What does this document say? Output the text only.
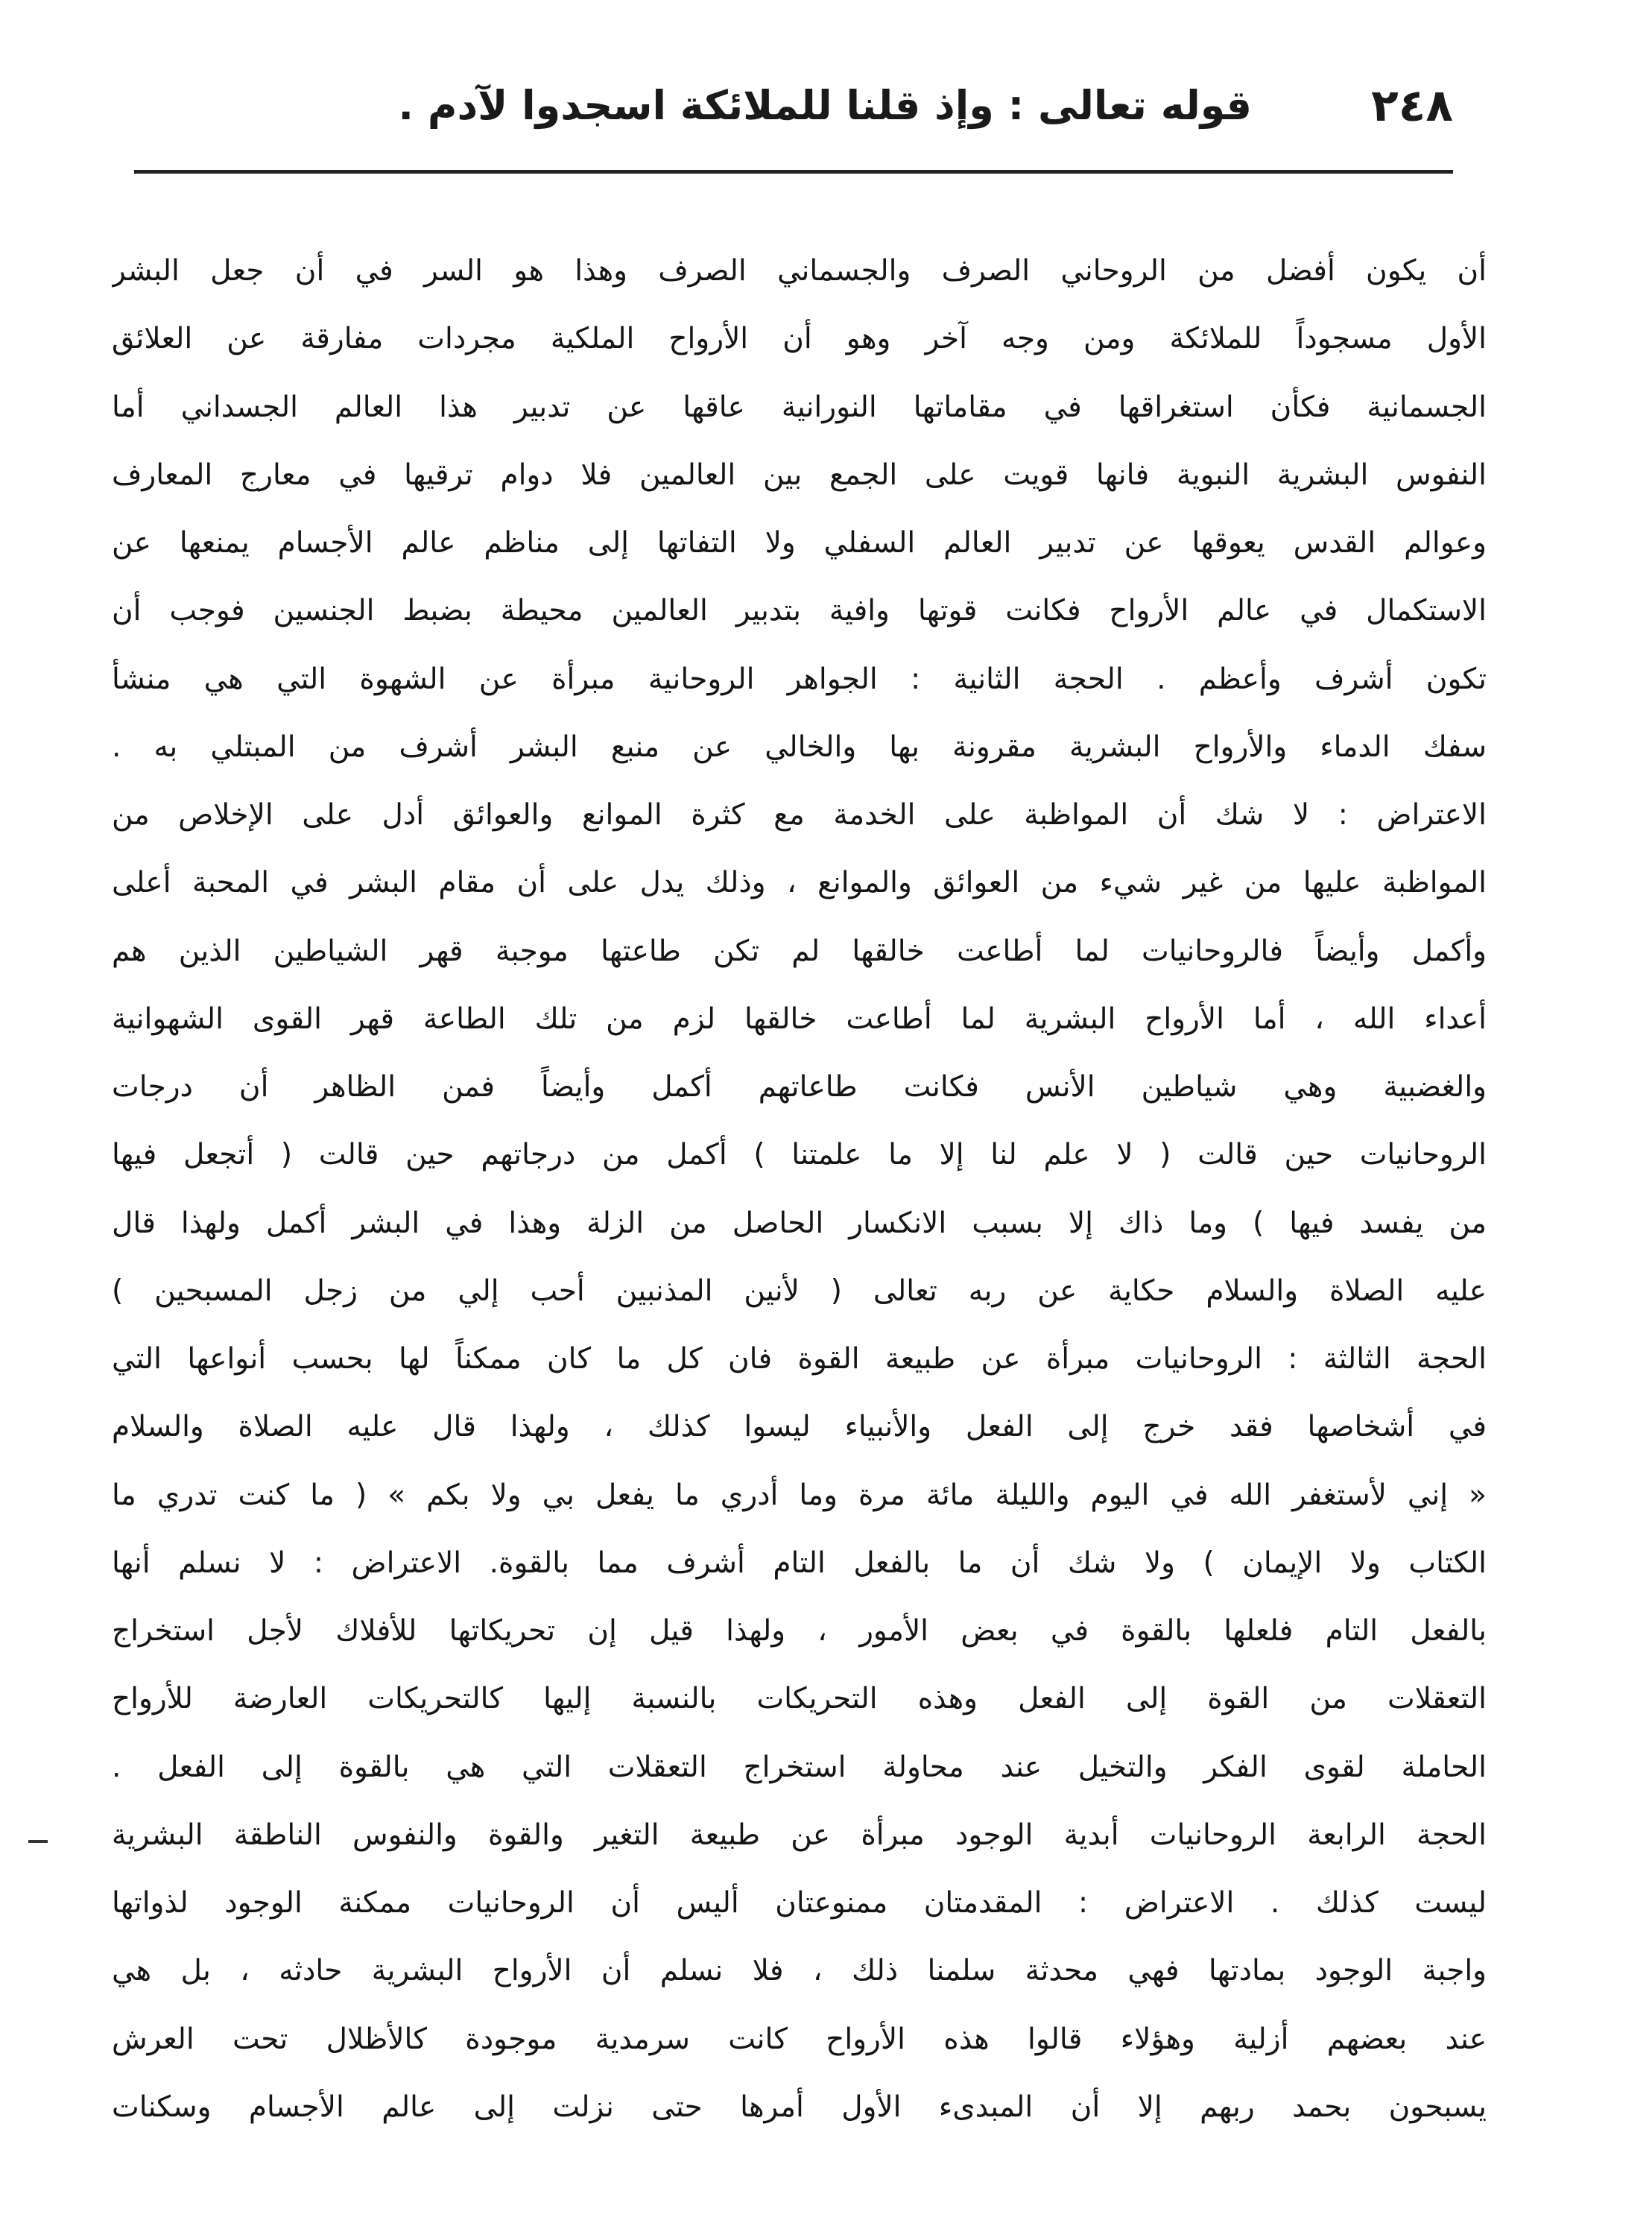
٢٤٨
قوله تعالى : وإذ قلنا للملائكة اسجدوا لآدم .
أن يكون أفضل من الروحاني الصرف والجسماني الصرف وهذا هو السر في أن جعل البشر
الأول مسجوداً للملائكة ومن وجه آخر وهو أن الأرواح الملكية مجردات مفارقة عن العلائق
الجسمانية فكأن استغراقها في مقاماتها النورانية عاقها عن تدبير هذا العالم الجسداني أما
النفوس البشرية النبوية فانها قويت على الجمع بين العالمين فلا دوام ترقيها في معارج المعارف
وعوالم القدس يعوقها عن تدبير العالم السفلي ولا التفاتها إلى مناظم عالم الأجسام يمنعها عن
الاستكمال في عالم الأرواح فكانت قوتها وافية بتدبير العالمين محيطة بضبط الجنسين فوجب أن
تكون أشرف وأعظم . الحجة الثانية : الجواهر الروحانية مبرأة عن الشهوة التي هي منشأ
سفك الدماء والأرواح البشرية مقرونة بها والخالي عن منبع البشر أشرف من المبتلي به .
الاعتراض : لا شك أن المواظبة على الخدمة مع كثرة الموانع والعوائق أدل على الإخلاص من
المواظبة عليها من غير شيء من العوائق والموانع ، وذلك يدل على أن مقام البشر في المحبة أعلى
وأكمل وأيضاً فالروحانيات لما أطاعت خالقها لم تكن طاعتها موجبة قهر الشياطين الذين هم
أعداء الله ، أما الأرواح البشرية لما أطاعت خالقها لزم من تلك الطاعة قهر القوى الشهوانية
والغضبية وهي شياطين الأنس فكانت طاعاتهم أكمل وأيضاً فمن الظاهر أن درجات
الروحانيات حين قالت ( لا علم لنا إلا ما علمتنا ) أكمل من درجاتهم حين قالت ( أتجعل فيها
من يفسد فيها ) وما ذاك إلا بسبب الانكسار الحاصل من الزلة وهذا في البشر أكمل ولهذا قال
عليه الصلاة والسلام حكاية عن ربه تعالى ( لأنين المذنبين أحب إلي من زجل المسبحين )
الحجة الثالثة : الروحانيات مبرأة عن طبيعة القوة فان كل ما كان ممكناً لها بحسب أنواعها التي
في أشخاصها فقد خرج إلى الفعل والأنبياء ليسوا كذلك ، ولهذا قال عليه الصلاة والسلام
« إني لأستغفر الله في اليوم والليلة مائة مرة وما أدري ما يفعل بي ولا بكم » ( ما كنت تدري ما
الكتاب ولا الإيمان ) ولا شك أن ما بالفعل التام أشرف مما بالقوة. الاعتراض : لا نسلم أنها
بالفعل التام فلعلها بالقوة في بعض الأمور ، ولهذا قيل إن تحريكاتها للأفلاك لأجل استخراج
التعقلات من القوة إلى الفعل وهذه التحريكات بالنسبة إليها كالتحريكات العارضة للأرواح
الحاملة لقوى الفكر والتخيل عند محاولة استخراج التعقلات التي هي بالقوة إلى الفعل .
الحجة الرابعة الروحانيات أبدية الوجود مبرأة عن طبيعة التغير والقوة والنفوس الناطقة البشرية
ليست كذلك . الاعتراض : المقدمتان ممنوعتان أليس أن الروحانيات ممكنة الوجود لذواتها
واجبة الوجود بمادتها فهي محدثة سلمنا ذلك ، فلا نسلم أن الأرواح البشرية حادثه ، بل هي
عند بعضهم أزلية وهؤلاء قالوا هذه الأرواح كانت سرمدية موجودة كالأظلال تحت العرش
يسبحون بحمد ربهم إلا أن المبدىء الأول أمرها حتى نزلت إلى عالم الأجسام وسكنات
